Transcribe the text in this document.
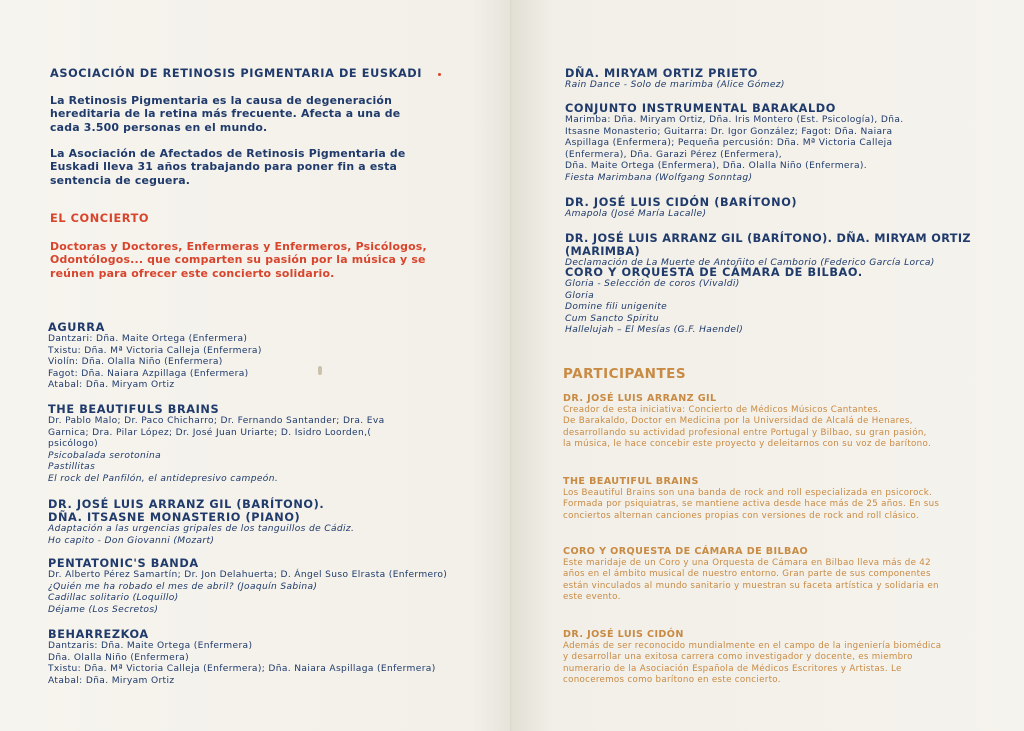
ASOCIACIÓN DE RETINOSIS PIGMENTARIA DE EUSKADI

La Retinosis Pigmentaria es la causa de degeneración

hereditaria de la retina más frecuente. Afecta a una de

cada 3.500 personas en el mundo.

La Asociación de Afectados de Retinosis Pigmentaria de

Euskadi lleva 31 años trabajando para poner fin a esta

sentencia de ceguera.

EL CONCIERTO

Doctoras y Doctores, Enfermeras y Enfermeros, Psicólogos,

Odontólogos... que comparten su pasión por la música y se

reúnen para ofrecer este concierto solidario.

AGURRA

Dantzari: Dña. Maite Ortega (Enfermera)

Txistu: Dña. Mª Victoria Calleja (Enfermera)

Violín: Dña. Olalla Niño (Enfermera)

Fagot: Dña. Naiara Azpillaga (Enfermera)

Atabal: Dña. Miryam Ortiz

THE BEAUTIFULS BRAINS

Dr. Pablo Malo; Dr. Paco Chicharro; Dr. Fernando Santander; Dra. Eva

Garnica; Dra. Pilar López; Dr. José Juan Uriarte; D. Isidro Loorden,(

psicólogo)

Psicobalada serotonina

Pastillitas

El rock del Panfilón, el antidepresivo campeón.

DR. JOSÉ LUIS ARRANZ GIL (BARÍTONO).

DÑA. ITSASNE MONASTERIO (PIANO)

Adaptación a las urgencias gripales de los tanguillos de Cádiz.

Ho capito - Don Giovanni (Mozart)

PENTATONIC'S BANDA

Dr. Alberto Pérez Samartín; Dr. Jon Delahuerta; D. Ángel Suso Elrasta (Enfermero)

¿Quién me ha robado el mes de abril? (Joaquín Sabina)

Cadillac solitario (Loquillo)

Déjame (Los Secretos)

BEHARREZKOA

Dantzaris: Dña. Maite Ortega (Enfermera)

Dña. Olalla Niño (Enfermera)

Txistu: Dña. Mª Victoria Calleja (Enfermera); Dña. Naiara Aspillaga (Enfermera)

Atabal: Dña. Miryam Ortiz

DÑA. MIRYAM ORTIZ PRIETO

Rain Dance - Solo de marimba (Alice Gómez)

CONJUNTO INSTRUMENTAL BARAKALDO

Marimba: Dña. Miryam Ortiz, Dña. Iris Montero (Est. Psicología), Dña.

Itsasne Monasterio; Guitarra: Dr. Igor González; Fagot: Dña. Naiara

Aspillaga (Enfermera); Pequeña percusión: Dña. Mª Victoria Calleja

(Enfermera), Dña. Garazi Pérez (Enfermera),

Dña. Maite Ortega (Enfermera), Dña. Olalla Niño (Enfermera).

Fiesta Marimbana (Wolfgang Sonntag)

DR. JOSÉ LUIS CIDÓN (BARÍTONO)

Amapola (José María Lacalle)

DR. JOSÉ LUIS ARRANZ GIL (BARÍTONO). DÑA. MIRYAM ORTIZ (MARIMBA)

Declamación de La Muerte de Antoñito el Camborio (Federico García Lorca)

CORO Y ORQUESTA DE CÁMARA DE BILBAO.

Gloria - Selección de coros (Vivaldi)

Gloria

Domine fili unigenite

Cum Sancto Spiritu

Hallelujah – El Mesías (G.F. Haendel)

PARTICIPANTES

DR. JOSÉ LUIS ARRANZ GIL

Creador de esta iniciativa: Concierto de Médicos Músicos Cantantes.

De Barakaldo, Doctor en Medicina por la Universidad de Alcalá de Henares,

desarrollando su actividad profesional entre Portugal y Bilbao, su gran pasión,

la música, le hace concebir este proyecto y deleitarnos con su voz de barítono.

THE BEAUTIFUL BRAINS

Los Beautiful Brains son una banda de rock and roll especializada en psicorock.

Formada por psiquiatras, se mantiene activa desde hace más de 25 años. En sus

conciertos alternan canciones propias con versiones de rock and roll clásico.

CORO Y ORQUESTA DE CÁMARA DE BILBAO

Este maridaje de un Coro y una Orquesta de Cámara en Bilbao lleva más de 42

años en el ámbito musical de nuestro entorno. Gran parte de sus componentes

están vinculados al mundo sanitario y muestran su faceta artística y solidaria en

este evento.

DR. JOSÉ LUIS CIDÓN

Además de ser reconocido mundialmente en el campo de la ingeniería biomédica

y desarrollar una exitosa carrera como investigador y docente, es miembro

numerario de la Asociación Española de Médicos Escritores y Artistas. Le

conoceremos como barítono en este concierto.
